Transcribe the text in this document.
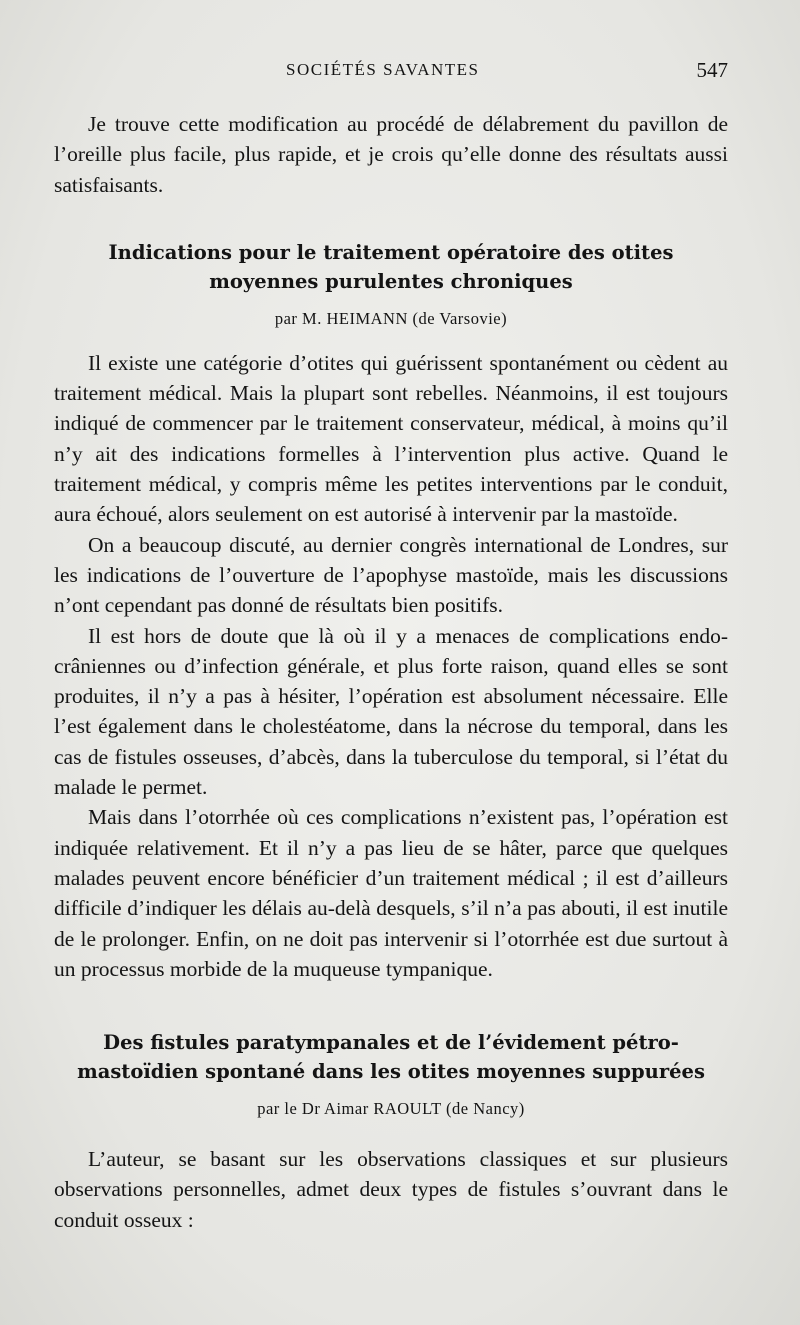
SOCIÉTÉS SAVANTES	547

Je trouve cette modification au procédé de délabrement du pavillon de l’oreille plus facile, plus rapide, et je crois qu’elle donne des résultats aussi satisfaisants.

Indications pour le traitement opératoire des otites moyennes purulentes chroniques
par M. HEIMANN (de Varsovie)

Il existe une catégorie d’otites qui guérissent spontanément ou cèdent au traitement médical. Mais la plupart sont rebelles. Néanmoins, il est toujours indiqué de commencer par le traitement conservateur, médical, à moins qu’il n’y ait des indications formelles à l’intervention plus active. Quand le traitement médical, y compris même les petites interventions par le conduit, aura échoué, alors seulement on est autorisé à intervenir par la mastoïde.

On a beaucoup discuté, au dernier congrès international de Londres, sur les indications de l’ouverture de l’apophyse mastoïde, mais les discussions n’ont cependant pas donné de résultats bien positifs.

Il est hors de doute que là où il y a menaces de complications endo-crâniennes ou d’infection générale, et plus forte raison, quand elles se sont produites, il n’y a pas à hésiter, l’opération est absolument nécessaire. Elle l’est également dans le cholestéatome, dans la nécrose du temporal, dans les cas de fistules osseuses, d’abcès, dans la tuberculose du temporal, si l’état du malade le permet.

Mais dans l’otorrhée où ces complications n’existent pas, l’opération est indiquée relativement. Et il n’y a pas lieu de se hâter, parce que quelques malades peuvent encore bénéficier d’un traitement médical ; il est d’ailleurs difficile d’indiquer les délais au-delà desquels, s’il n’a pas abouti, il est inutile de le prolonger. Enfin, on ne doit pas intervenir si l’otorrhée est due surtout à un processus morbide de la muqueuse tympanique.

Des fistules paratympanales et de l’évidement pétro-mastoïdien spontané dans les otites moyennes suppurées
par le Dr Aimar RAOULT (de Nancy)

L’auteur, se basant sur les observations classiques et sur plusieurs observations personnelles, admet deux types de fistules s’ouvrant dans le conduit osseux :
